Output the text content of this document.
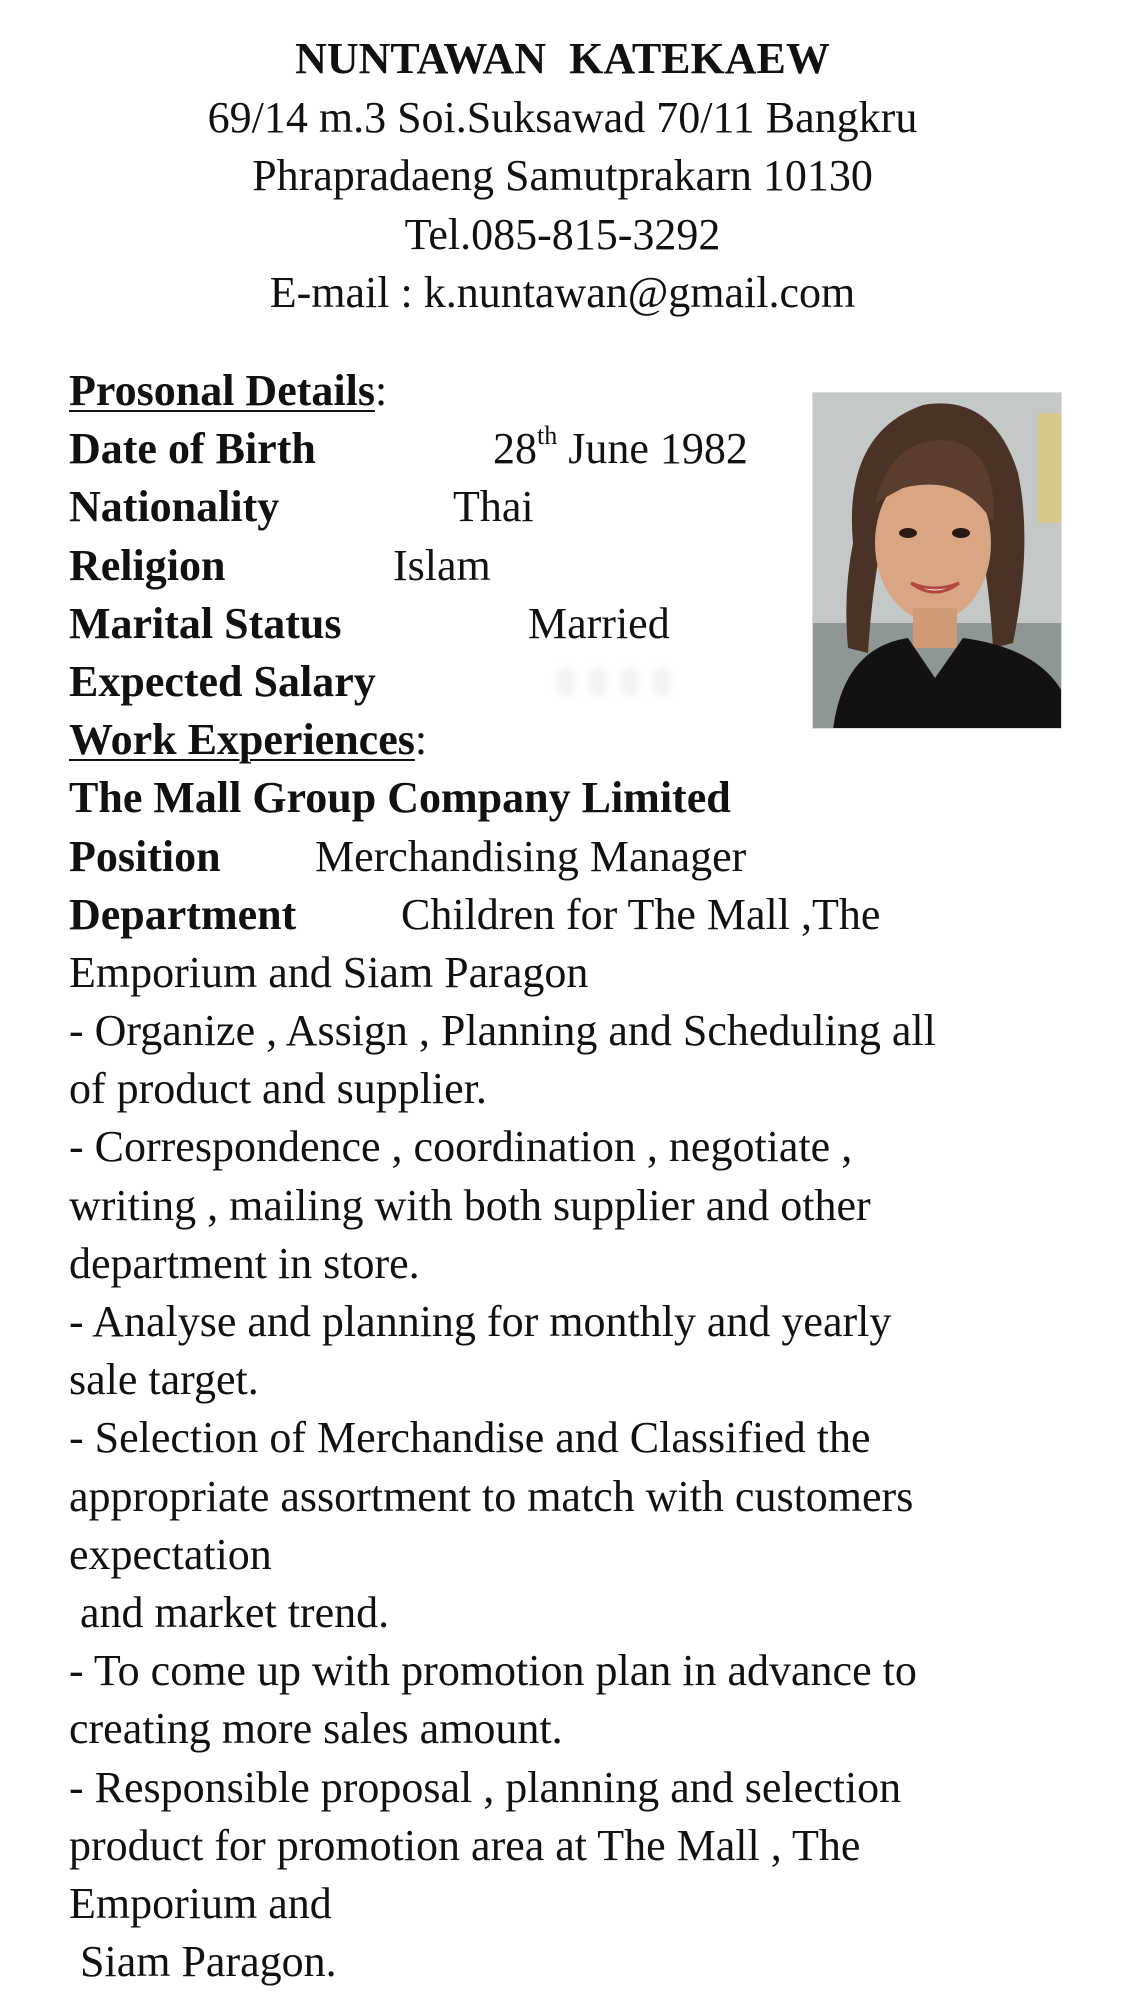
NUNTAWAN KATEKAEW
69/14 m.3 Soi.Suksawad 70/11 Bangkru
Phrapradaeng Samutprakarn 10130
Tel.085-815-3292
E-mail : k.nuntawan@gmail.com
Prosonal Details:
Date of Birth	28th June 1982
Nationality	Thai
Religion	Islam
Marital Status	Married
Expected Salary
Work Experiences:
The Mall Group Company Limited
Position Merchandising Manager
Department Children for The Mall ,The
Emporium and Siam Paragon
- Organize , Assign , Planning and Scheduling all
of product and supplier.
- Correspondence , coordination , negotiate ,
writing , mailing with both supplier and other
department in store.
- Analyse and planning for monthly and yearly
sale target.
- Selection of Merchandise and Classified the
appropriate assortment to match with customers
expectation
and market trend.
- To come up with promotion plan in advance to
creating more sales amount.
- Responsible proposal , planning and selection
product for promotion area at The Mall , The
Emporium and
Siam Paragon.
